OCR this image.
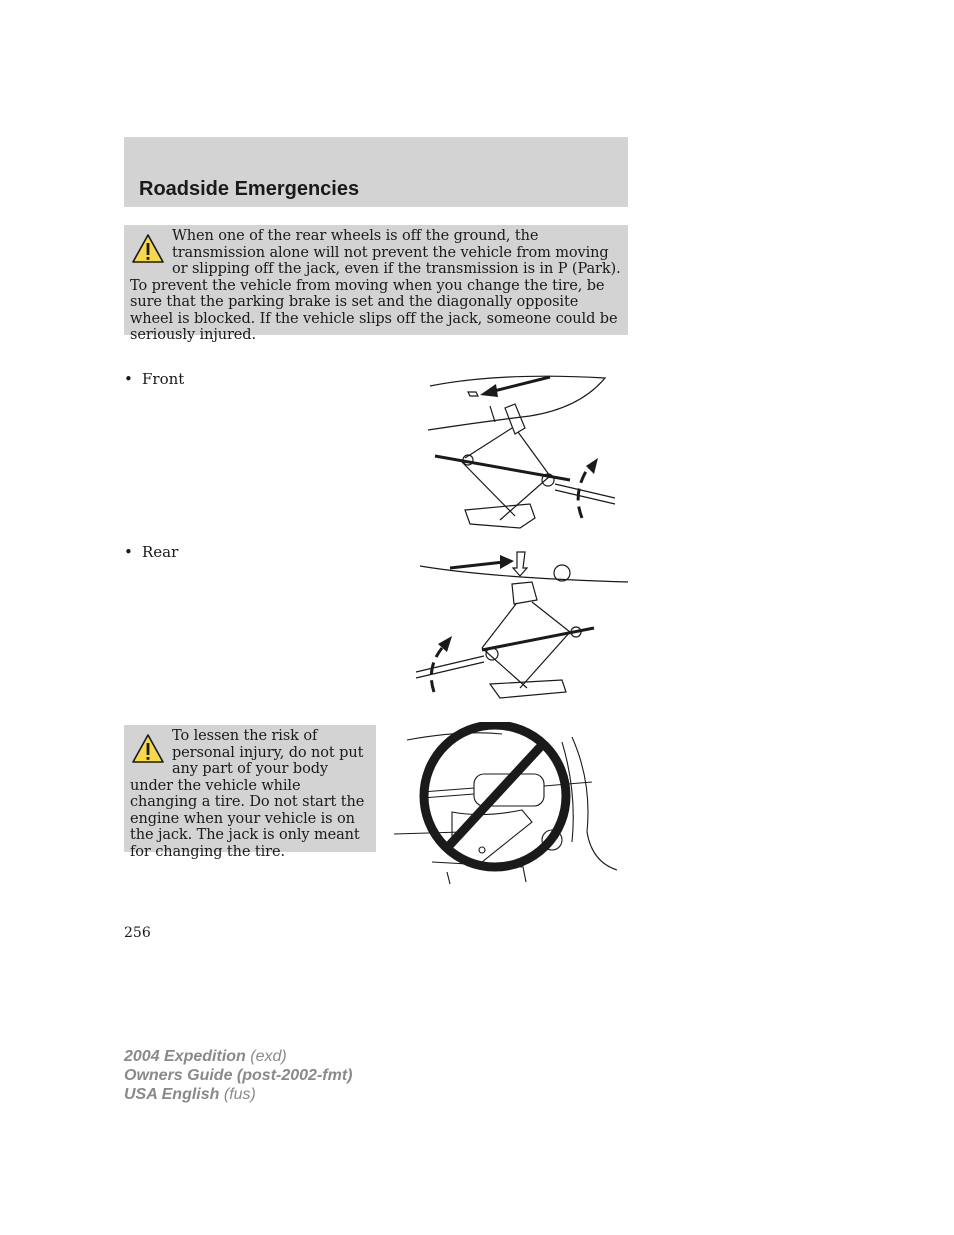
Roadside Emergencies

When one of the rear wheels is off the ground, the transmission alone will not prevent the vehicle from moving or slipping off the jack, even if the transmission is in P (Park). To prevent the vehicle from moving when you change the tire, be sure that the parking brake is set and the diagonally opposite wheel is blocked. If the vehicle slips off the jack, someone could be seriously injured.

• Front
• Rear

To lessen the risk of personal injury, do not put any part of your body under the vehicle while changing a tire. Do not start the engine when your vehicle is on the jack. The jack is only meant for changing the tire.

256
2004 Expedition (exd)
Owners Guide (post-2002-fmt)
USA English (fus)
